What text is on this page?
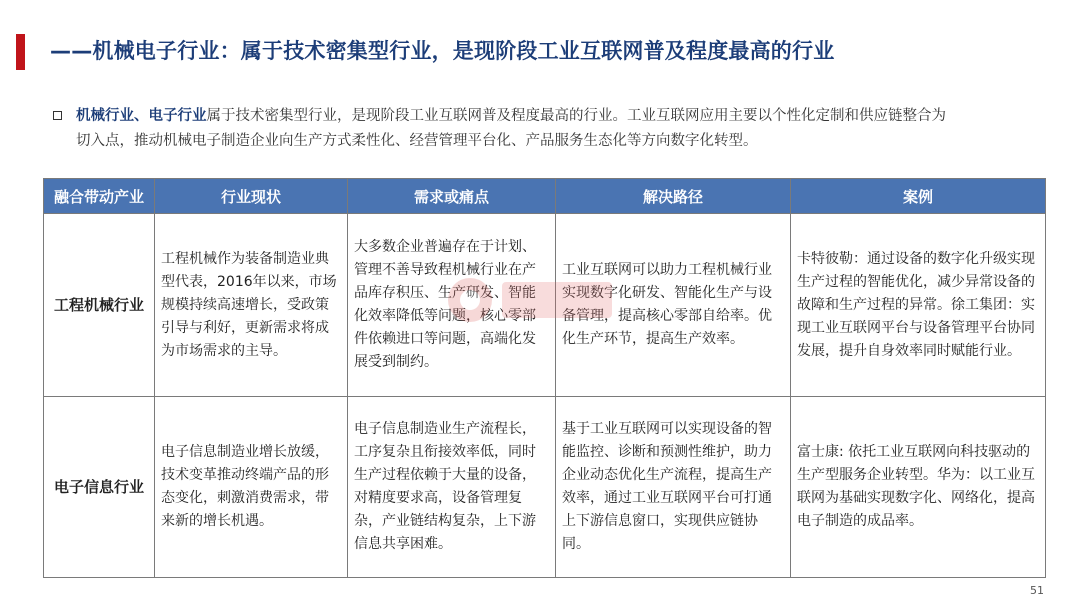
——机械电子行业：属于技术密集型行业，是现阶段工业互联网普及程度最高的行业
机械行业、电子行业属于技术密集型行业，是现阶段工业互联网普及程度最高的行业。工业互联网应用主要以个性化定制和供应链整合为
切入点，推动机械电子制造企业向生产方式柔性化、经营管理平台化、产品服务生态化等方向数字化转型。
融合带动产业	行业现状	需求或痛点	解决路径	案例
工程机械行业	工程机械作为装备制造业典型代表，2016年以来，市场规模持续高速增长，受政策引导与利好，更新需求将成为市场需求的主导。	大多数企业普遍存在于计划、管理不善导致程机械行业在产品库存积压、生产研发、智能化效率降低等问题，核心零部件依赖进口等问题，高端化发展受到制约。	工业互联网可以助力工程机械行业实现数字化研发、智能化生产与设备管理，提高核心零部自给率。优化生产环节，提高生产效率。	卡特彼勒：通过设备的数字化升级实现生产过程的智能优化，减少异常设备的故障和生产过程的异常。徐工集团：实现工业互联网平台与设备管理平台协同发展，提升自身效率同时赋能行业。
电子信息行业	电子信息制造业增长放缓，技术变革推动终端产品的形态变化，刺激消费需求，带来新的增长机遇。	电子信息制造业生产流程长，工序复杂且衔接效率低，同时生产过程依赖于大量的设备，对精度要求高，设备管理复杂，产业链结构复杂，上下游信息共享困难。	基于工业互联网可以实现设备的智能监控、诊断和预测性维护，助力企业动态优化生产流程，提高生产效率，通过工业互联网平台可打通上下游信息窗口，实现供应链协同。	富士康: 依托工业互联网向科技驱动的生产型服务企业转型。华为：以工业互联网为基础实现数字化、网络化，提高电子制造的成品率。
51
